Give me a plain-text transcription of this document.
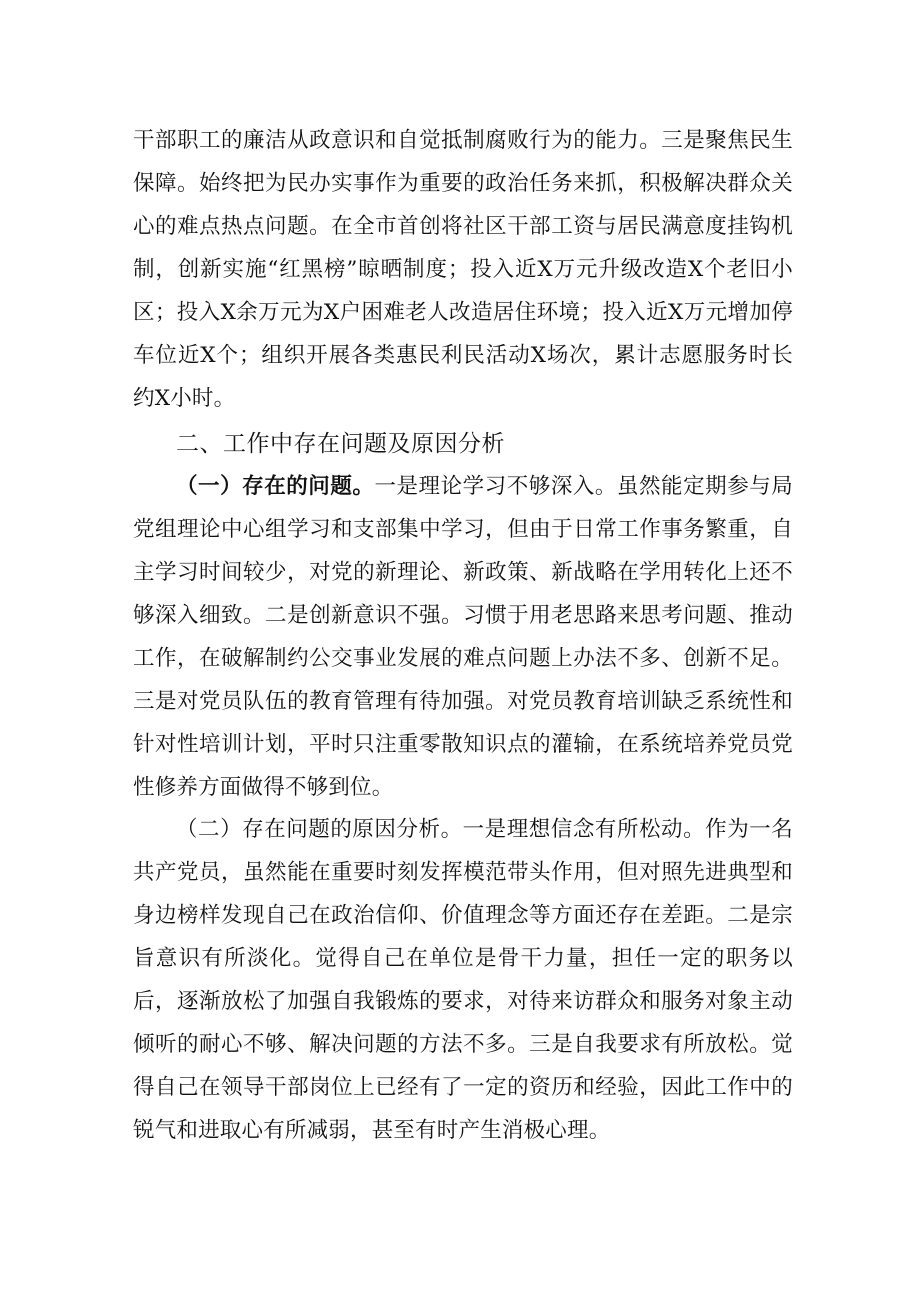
干部职工的廉洁从政意识和自觉抵制腐败行为的能力。三是聚焦民生保障。始终把为民办实事作为重要的政治任务来抓，积极解决群众关心的难点热点问题。在全市首创将社区干部工资与居民满意度挂钩机制，创新实施“红黑榜”晾晒制度；投入近X万元升级改造X个老旧小区；投入X余万元为X户困难老人改造居住环境；投入近X万元增加停车位近X个；组织开展各类惠民利民活动X场次，累计志愿服务时长约X小时。

二、工作中存在问题及原因分析

（一）存在的问题。一是理论学习不够深入。虽然能定期参与局党组理论中心组学习和支部集中学习，但由于日常工作事务繁重，自主学习时间较少，对党的新理论、新政策、新战略在学用转化上还不够深入细致。二是创新意识不强。习惯于用老思路来思考问题、推动工作，在破解制约公交事业发展的难点问题上办法不多、创新不足。三是对党员队伍的教育管理有待加强。对党员教育培训缺乏系统性和针对性培训计划，平时只注重零散知识点的灌输，在系统培养党员党性修养方面做得不够到位。

（二）存在问题的原因分析。一是理想信念有所松动。作为一名共产党员，虽然能在重要时刻发挥模范带头作用，但对照先进典型和身边榜样发现自己在政治信仰、价值理念等方面还存在差距。二是宗旨意识有所淡化。觉得自己在单位是骨干力量，担任一定的职务以后，逐渐放松了加强自我锻炼的要求，对待来访群众和服务对象主动倾听的耐心不够、解决问题的方法不多。三是自我要求有所放松。觉得自己在领导干部岗位上已经有了一定的资历和经验，因此工作中的锐气和进取心有所减弱，甚至有时产生消极心理。
